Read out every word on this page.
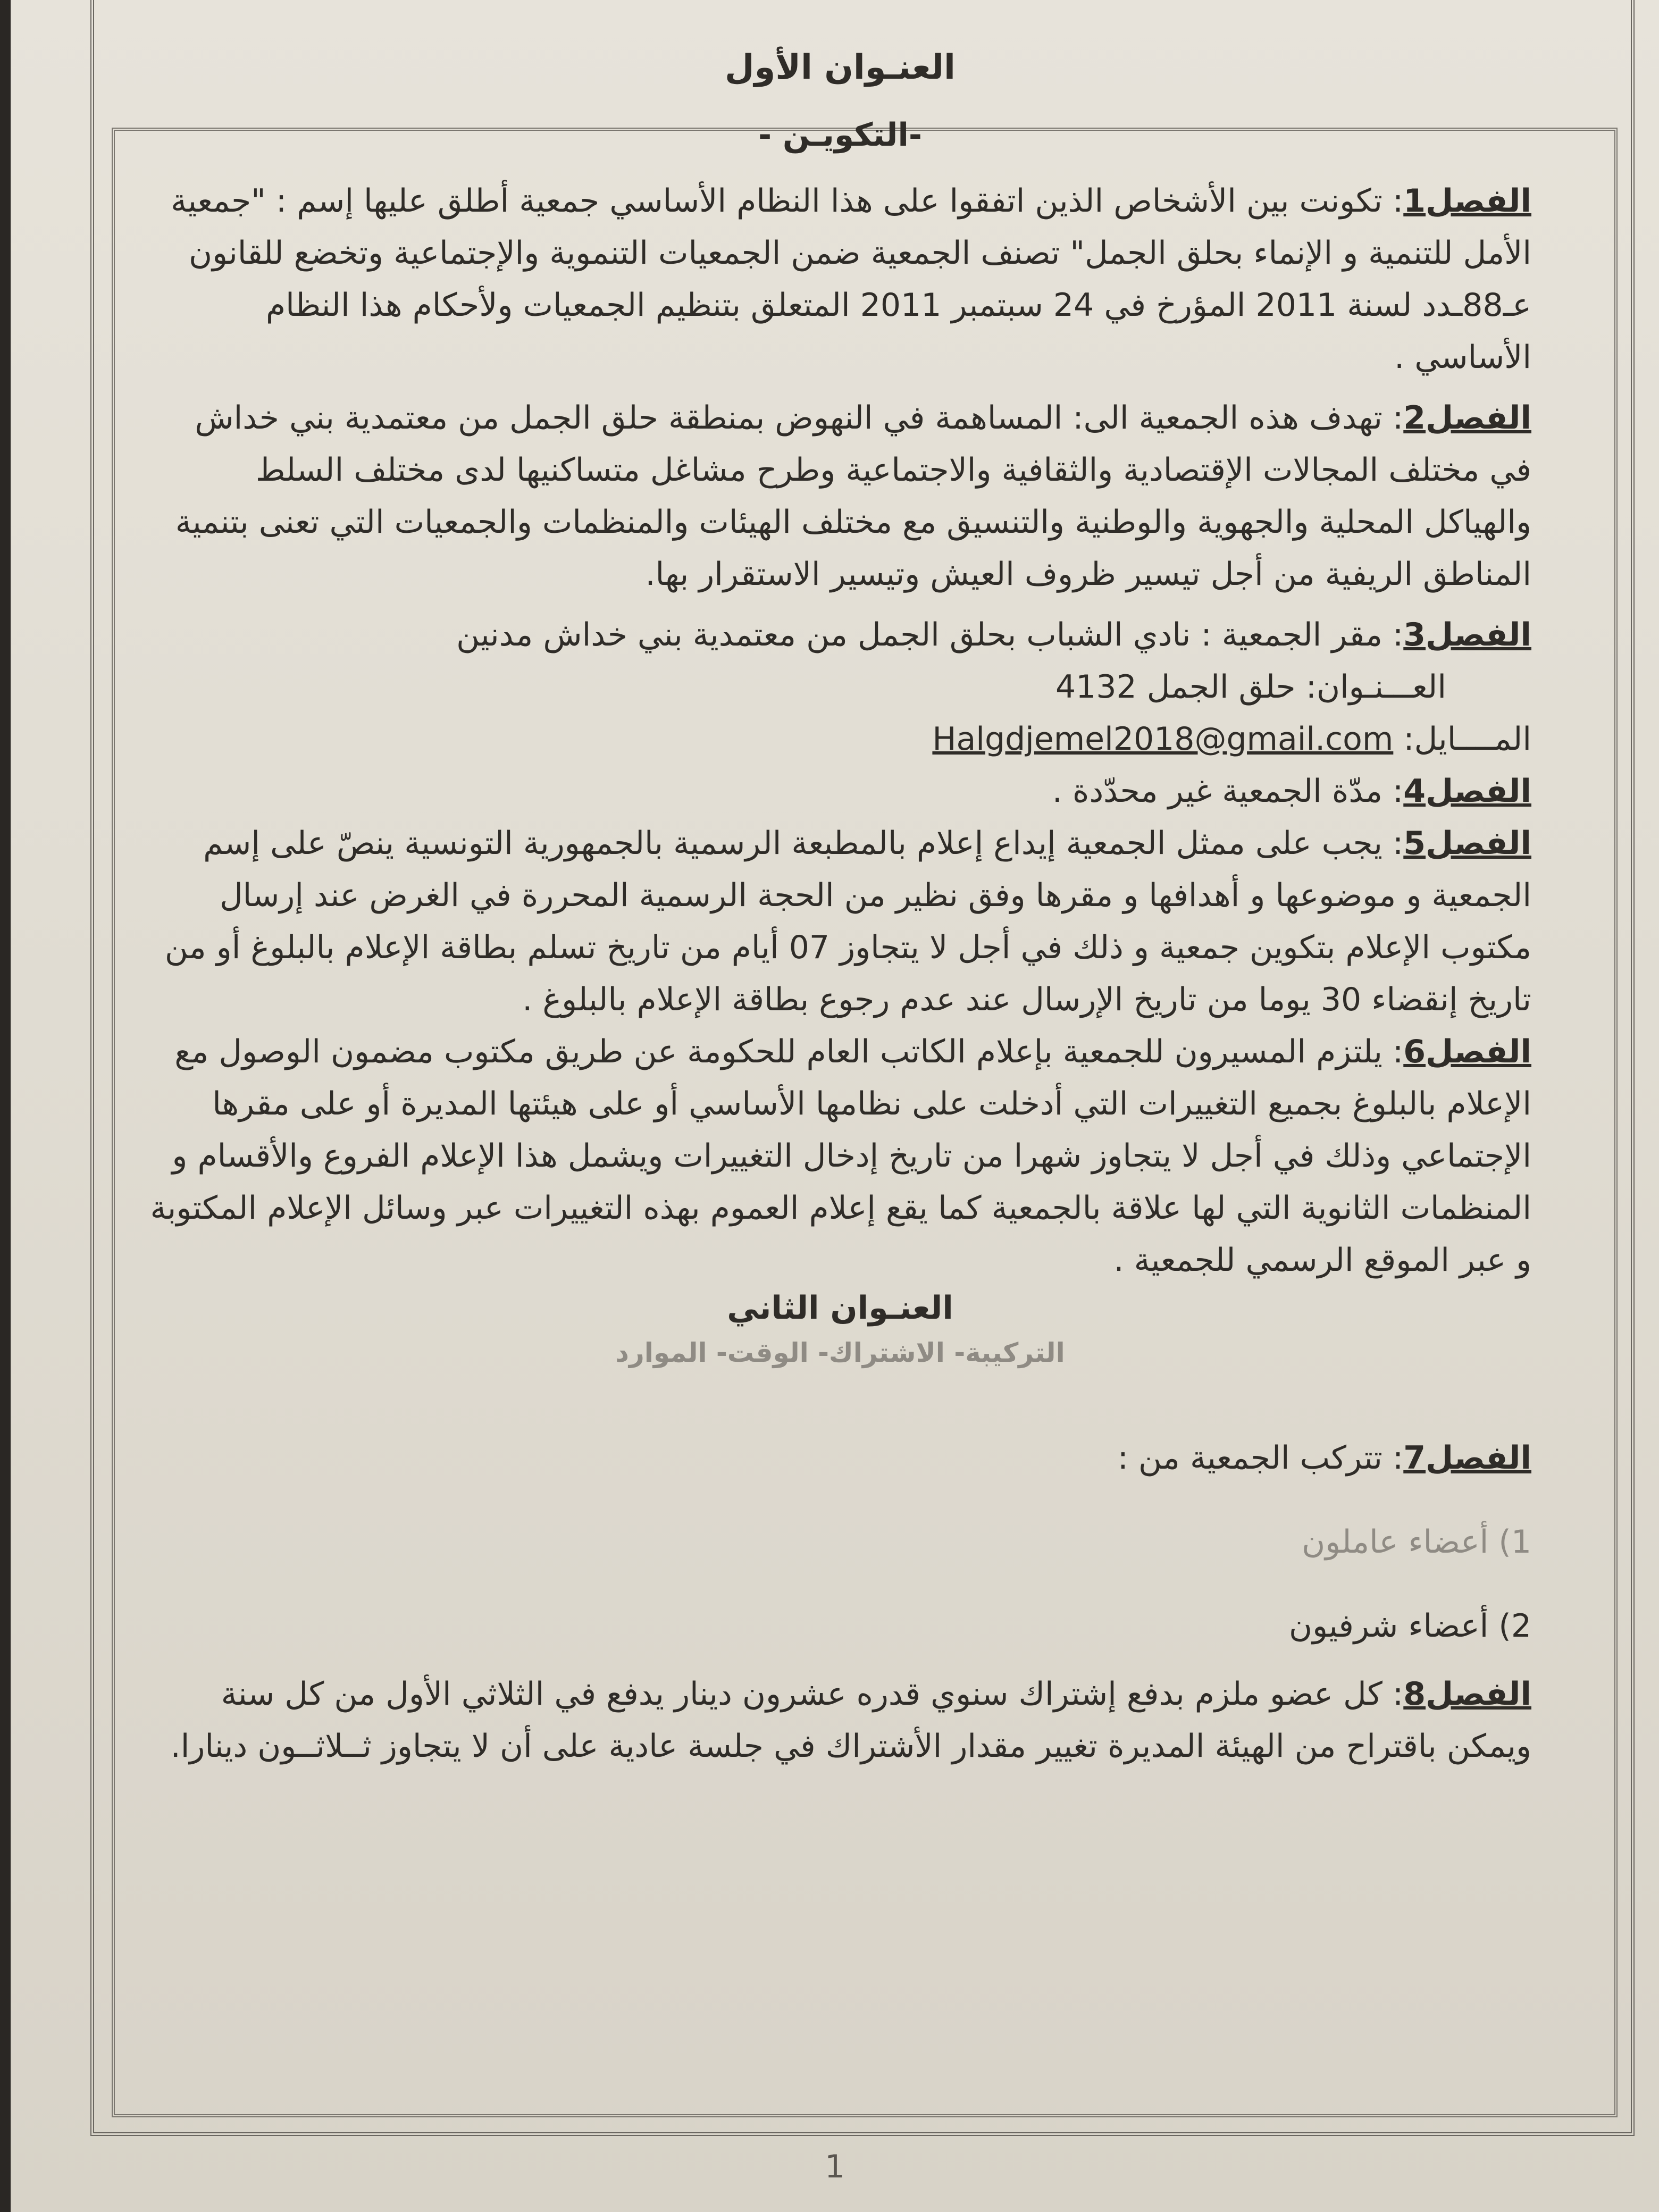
العنـوان الأول

-التكويـن -

الفصل1: تكونت بين الأشخاص الذين اتفقوا على هذا النظام الأساسي جمعية أطلق عليها إسم : "جمعية الأمل للتنمية و الإنماء بحلق الجمل" تصنف الجمعية ضمن الجمعيات التنموية والإجتماعية وتخضع للقانون عـ88ـدد لسنة 2011 المؤرخ في 24 سبتمبر 2011 المتعلق بتنظيم الجمعيات ولأحكام هذا النظام الأساسي .

الفصل2: تهدف هذه الجمعية الى: المساهمة في النهوض بمنطقة حلق الجمل من معتمدية بني خداش في مختلف المجالات الإقتصادية والثقافية والاجتماعية وطرح مشاغل متساكنيها لدى مختلف السلط والهياكل المحلية والجهوية والوطنية والتنسيق مع مختلف الهيئات والمنظمات والجمعيات التي تعنى بتنمية المناطق الريفية من أجل تيسير ظروف العيش وتيسير الاستقرار بها.

الفصل3: مقر الجمعية : نادي الشباب بحلق الجمل من معتمدية بني خداش مدنين

العـــنـوان: حلق الجمل 4132

المــــايل: Halgdjemel2018@gmail.com

الفصل4: مدّة الجمعية غير محدّدة .

الفصل5: يجب على ممثل الجمعية إيداع إعلام بالمطبعة الرسمية بالجمهورية التونسية ينصّ على إسم الجمعية و موضوعها و أهدافها و مقرها وفق نظير من الحجة الرسمية المحررة في الغرض عند إرسال مكتوب الإعلام بتكوين جمعية و ذلك في أجل لا يتجاوز 07 أيام من تاريخ تسلم بطاقة الإعلام بالبلوغ أو من تاريخ إنقضاء 30 يوما من تاريخ الإرسال عند عدم رجوع بطاقة الإعلام بالبلوغ .

الفصل6: يلتزم المسيرون للجمعية بإعلام الكاتب العام للحكومة عن طريق مكتوب مضمون الوصول مع الإعلام بالبلوغ بجميع التغييرات التي أدخلت على نظامها الأساسي أو على هيئتها المديرة أو على مقرها الإجتماعي وذلك في أجل لا يتجاوز شهرا من تاريخ إدخال التغييرات ويشمل هذا الإعلام الفروع والأقسام و المنظمات الثانوية التي لها علاقة بالجمعية كما يقع إعلام العموم بهذه التغييرات عبر وسائل الإعلام المكتوبة و عبر الموقع الرسمي للجمعية .

العنـوان الثاني

التركيبة- الاشتراك- الوقت- الموارد

الفصل7: تتركب الجمعية من :

1) أعضاء عاملون

2) أعضاء شرفيون

الفصل8: كل عضو ملزم بدفع إشتراك سنوي قدره عشرون دينار يدفع في الثلاثي الأول من كل سنة ويمكن باقتراح من الهيئة المديرة تغيير مقدار الأشتراك في جلسة عادية على أن لا يتجاوز ثــلاثــون دينارا.

1
